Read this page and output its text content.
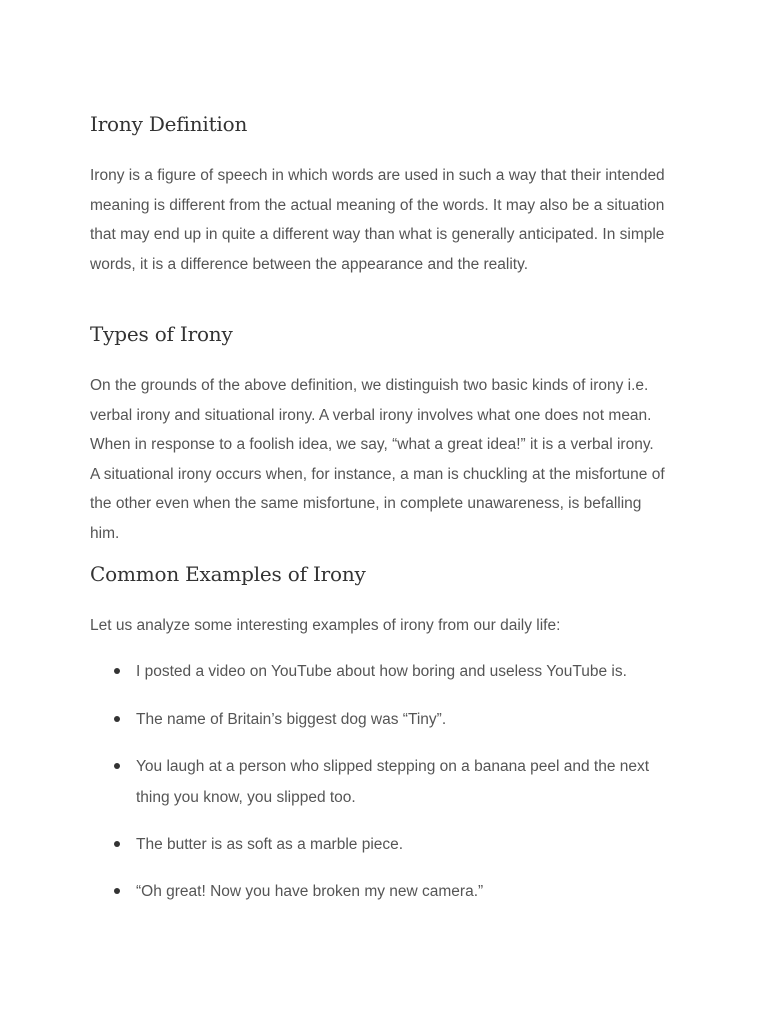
Irony Definition

Irony is a figure of speech in which words are used in such a way that their intended meaning is different from the actual meaning of the words. It may also be a situation that may end up in quite a different way than what is generally anticipated. In simple words, it is a difference between the appearance and the reality.

Types of Irony

On the grounds of the above definition, we distinguish two basic kinds of irony i.e. verbal irony and situational irony. A verbal irony involves what one does not mean. When in response to a foolish idea, we say, “what a great idea!” it is a verbal irony. A situational irony occurs when, for instance, a man is chuckling at the misfortune of the other even when the same misfortune, in complete unawareness, is befalling him.

Common Examples of Irony

Let us analyze some interesting examples of irony from our daily life:

I posted a video on YouTube about how boring and useless YouTube is.
The name of Britain’s biggest dog was “Tiny”.
You laugh at a person who slipped stepping on a banana peel and the next thing you know, you slipped too.
The butter is as soft as a marble piece.
“Oh great! Now you have broken my new camera.”
